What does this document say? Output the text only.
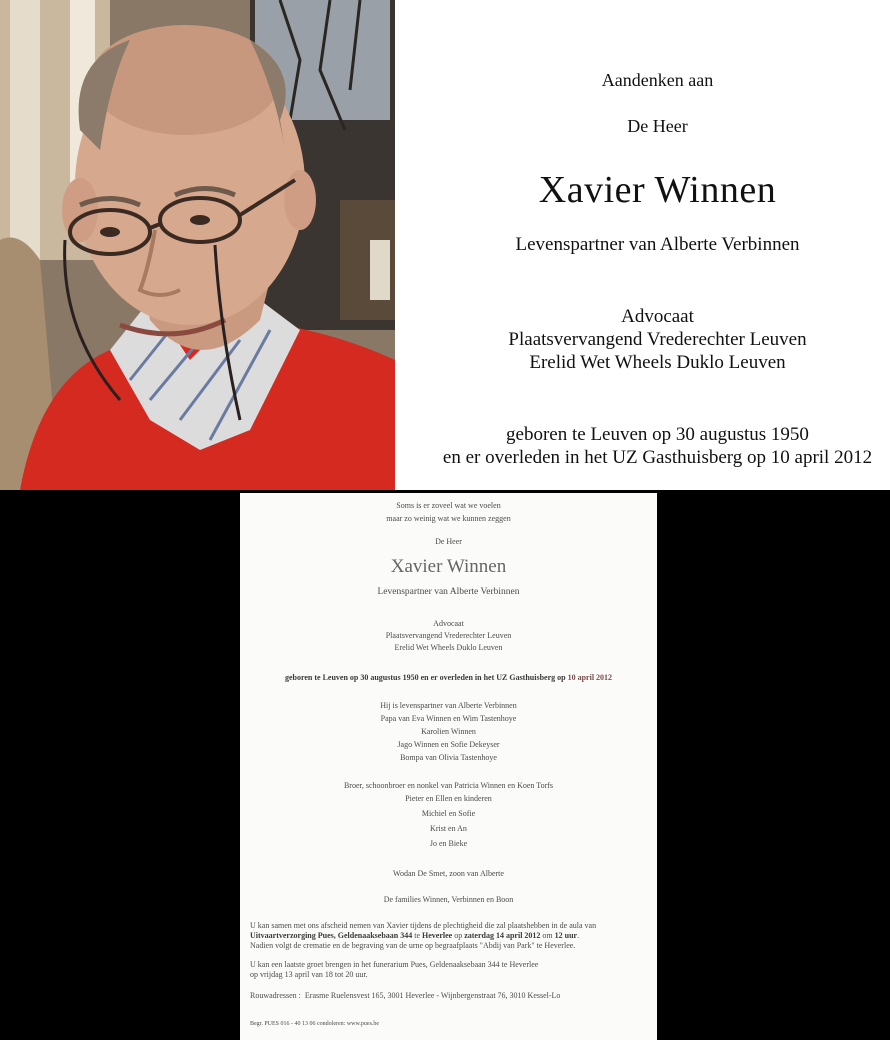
Aandenken aan
De Heer
Xavier Winnen
Levenspartner van Alberte Verbinnen
Advocaat
Plaatsvervangend Vrederechter Leuven
Erelid Wet Wheels Duklo Leuven
geboren te Leuven op 30 augustus 1950
en er overleden in het UZ Gasthuisberg op 10 april 2012
Soms is er zoveel wat we voelen
maar zo weinig wat we kunnen zeggen
De Heer
Xavier Winnen
Levenspartner van Alberte Verbinnen
Advocaat
Plaatsvervangend Vrederechter Leuven
Erelid Wet Wheels Duklo Leuven
geboren te Leuven op 30 augustus 1950 en er overleden in het UZ Gasthuisberg op 10 april 2012
Hij is levenspartner van Alberte Verbinnen
Papa van Eva Winnen en Wim Tastenhoye
Karolien Winnen
Jago Winnen en Sofie Dekeyser
Bompa van Olivia Tastenhoye
Broer, schoonbroer en nonkel van Patricia Winnen en Koen Torfs
Pieter en Ellen en kinderen
Michiel en Sofie
Krist en An
Jo en Bieke
Wodan De Smet, zoon van Alberte
De families Winnen, Verbinnen en Boon
U kan samen met ons afscheid nemen van Xavier tijdens de plechtigheid die zal plaatshebben in de aula van
Uitvaartverzorging Pues, Geldenaaksebaan 344 te Heverlee op zaterdag 14 april 2012 om 12 uur.
Nadien volgt de crematie en de begraving van de urne op begraafplaats "Abdij van Park" te Heverlee.
U kan een laatste groet brengen in het funerarium Pues, Geldenaaksebaan 344 te Heverlee
op vrijdag 13 april van 18 tot 20 uur.
Rouwadressen : Erasme Ruelensvest 165, 3001 Heverlee - Wijnbergenstraat 76, 3010 Kessel-Lo
Begr. PUES 016 - 40 13 06 condoleren: www.pues.be
